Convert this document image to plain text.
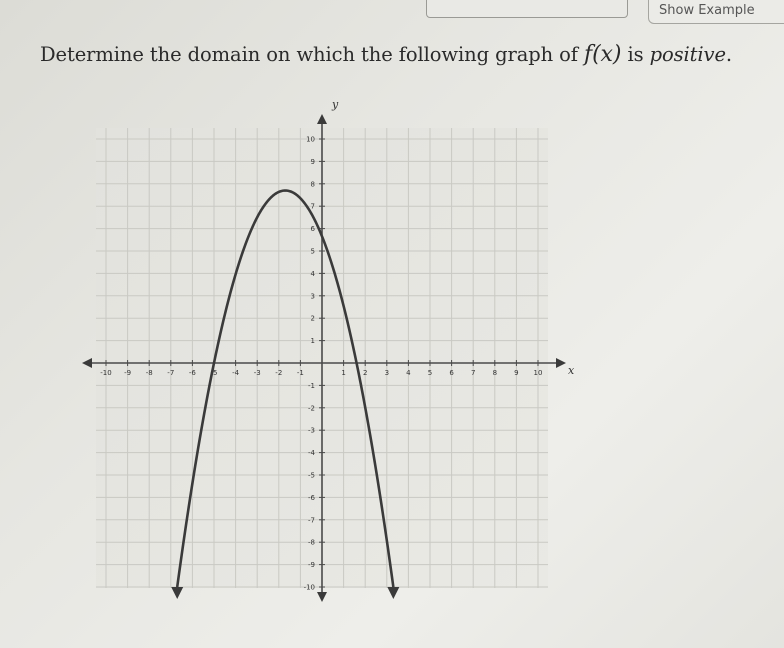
Show Example
Determine the domain on which the following graph of f(x) is positive.
-10 -9 -8 -7 -6 -5 -4 -3 -2 -1	1 2 3 4 5 6 7 8 9 10
-10
-9
-8
-7
-6
-5
-4
-3
-2
-1
1
2
3
4
5
6
7
8
9
10
x
y
